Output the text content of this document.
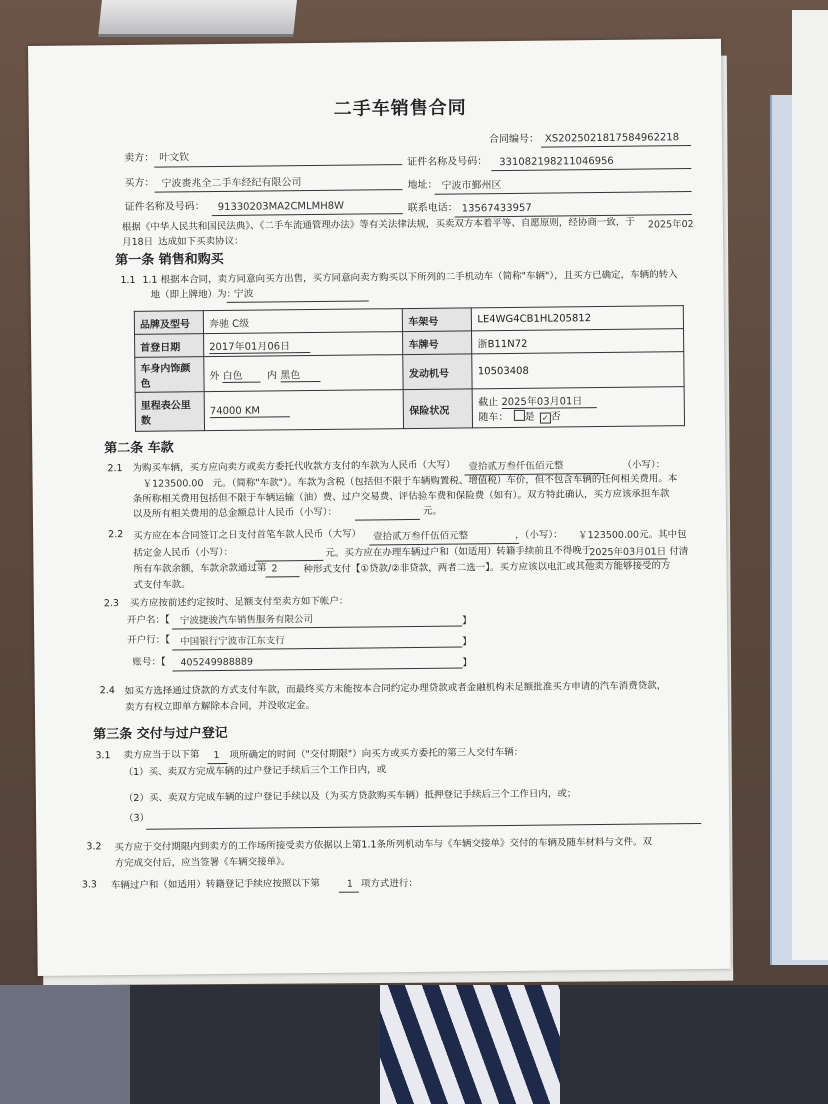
二手车销售合同
合同编号： XS2025021817584962218
卖方： 叶文钦	证件名称及号码： 331082198211046956
买方： 宁波赉兆全二手车经纪有限公司	地址： 宁波市鄞州区
证件名称及号码： 91330203MA2CMLMH8W	联系电话： 13567433957
根据《中华人民共和国民法典》、《二手车流通管理办法》等有关法律法规，买卖双方本着平等、自愿原则，经协商一致，于 2025年02
月18日 达成如下买卖协议：
第一条 销售和购买
1.1 1.1 根据本合同，卖方同意向买方出售，买方同意向卖方购买以下所列的二手机动车（简称"车辆"），且买方已确定，车辆的转入
地（即上牌地）为：
宁波
品牌及型号	奔驰 C级	车架号	LE4WG4CB1HL205812
首登日期	2017年01月06日	车牌号	浙B11N72
车身内饰颜色	外 白色 内 黑色	发动机号	10503408
里程表公里数	74000 KM	保险状况	截止 2025年03月01日
随车： 是 ✓ 否
第二条 车款
2.1 为购买车辆，买方应向卖方或卖方委托代收款方支付的车款为人民币（大写） 壹拾贰万叁仟伍佰元整	（小写）：
￥123500.00 元。（简称"车款"）。车款为含税（包括但不限于车辆购置税、增值税）车价，但不包含车辆的任何相关费用。本
条所称相关费用包括但不限于车辆运输（油）费、过户交易费、评估验车费和保险费（如有）。双方特此确认，买方应该承担车款
以及所有相关费用的总金额总计人民币（小写）：	元。
2.2 买方应在本合同签订之日支付首笔车款人民币（大写） 壹拾贰万叁仟伍佰元整	，（小写）： ￥123500.00 元。其中包
括定金人民币（小写）：	元。买方应在办理车辆过户和（如适用）转籍手续前且不得晚于
2025年03月01日 付清
所有车款余额，车款余款通过第 2	种形式支付【①贷款/②非贷款，两者二选一】。买方应该以电汇或其他卖方能够接受的方
式支付车款。
2.3 买方应按前述约定按时、足额支付至卖方如下帐户：
开户名：【 宁波捷骏汽车销售服务有限公司	】
开户行：【 中国银行宁波市江东支行	】
账号：【 405249988889	】
2.4 如买方选择通过贷款的方式支付车款，而最终买方未能按本合同约定办理贷款或者金融机构未足额批准买方申请的汽车消费贷款，
卖方有权立即单方解除本合同，并没收定金。
第三条 交付与过户登记
3.1 卖方应当于以下第 1 项所确定的时间（"交付期限"）向买方或买方委托的第三人交付车辆：
（1）买、卖双方完成车辆的过户登记手续后三个工作日内，或
（2）买、卖双方完成车辆的过户登记手续以及（为买方贷款购买车辆）抵押登记手续后三个工作日内，或；
（3）
3.2 买方应于交付期限内到卖方的工作场所接受卖方依据以上第1.1条所列机动车与《车辆交接单》交付的车辆及随车材料与文件。双
方完成交付后，应当签署《车辆交接单》。
3.3 车辆过户和（如适用）转籍登记手续应按照以下第	1 项方式进行：
